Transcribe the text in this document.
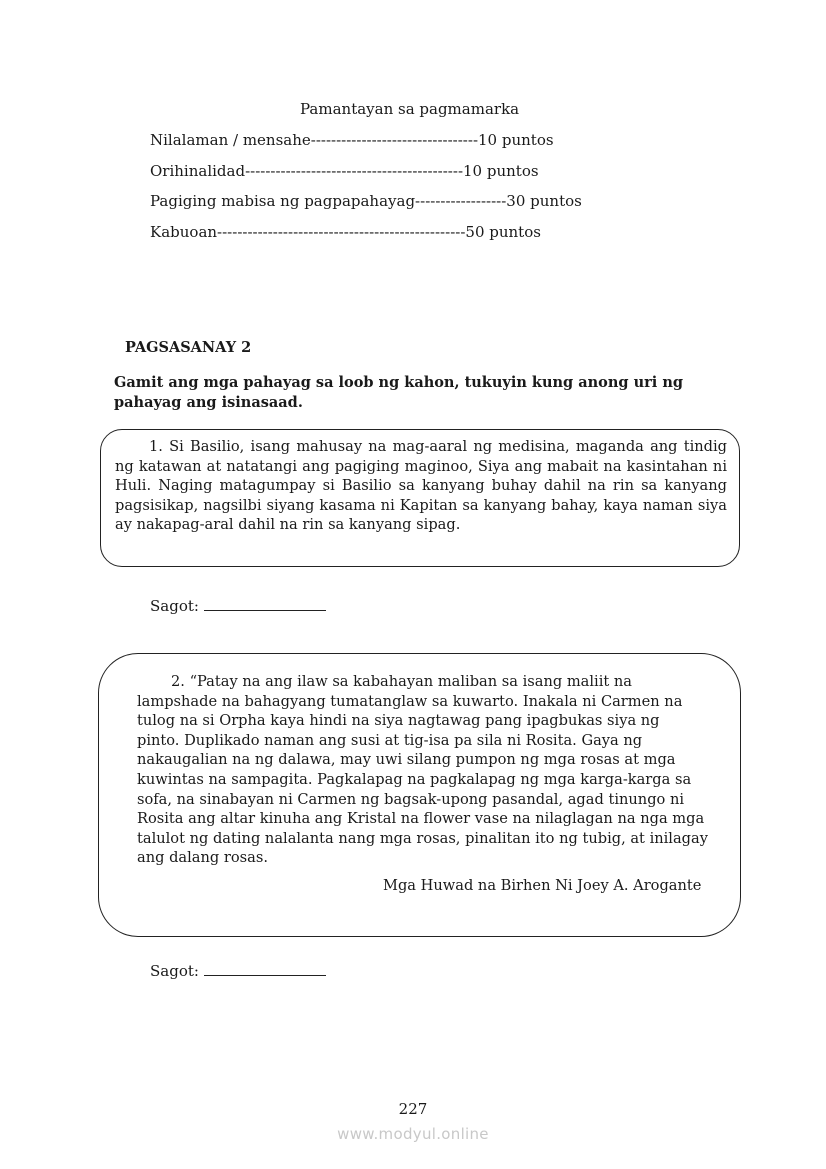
Pamantayan sa pagmamarka
Nilalaman / mensahe---------------------------------10 puntos
Orihinalidad-------------------------------------------10 puntos
Pagiging mabisa ng pagpapahayag------------------30 puntos
Kabuoan-------------------------------------------------50 puntos
PAGSASANAY 2
Gamit ang mga pahayag sa loob ng kahon, tukuyin kung anong uri ng pahayag ang isinasaad.
1. Si Basilio, isang mahusay na mag-aaral ng medisina, maganda ang tindig ng katawan at natatangi ang pagiging maginoo, Siya ang mabait na kasintahan ni Huli. Naging matagumpay si Basilio sa kanyang buhay dahil na rin sa kanyang pagsisikap, nagsilbi siyang kasama ni Kapitan sa kanyang bahay, kaya naman siya ay nakapag-aral dahil na rin sa kanyang sipag.
Sagot:
2. “Patay na ang ilaw sa kabahayan maliban sa isang maliit na
lampshade na bahagyang tumatanglaw sa kuwarto. Inakala ni Carmen na
tulog na si Orpha kaya hindi na siya nagtawag pang ipagbukas siya ng
pinto. Duplikado naman ang susi at tig-isa pa sila ni Rosita. Gaya ng
nakaugalian na ng dalawa, may uwi silang pumpon ng mga rosas at mga
kuwintas na sampagita. Pagkalapag na pagkalapag ng mga karga-karga sa
sofa, na sinabayan ni Carmen ng bagsak-upong pasandal, agad tinungo ni
Rosita ang altar kinuha ang Kristal na flower vase na nilaglagan na nga mga
talulot ng dating nalalanta nang mga rosas, pinalitan ito ng tubig, at inilagay
ang dalang rosas.
Mga Huwad na Birhen Ni Joey A. Arogante
Sagot:
227
www.modyul.online
